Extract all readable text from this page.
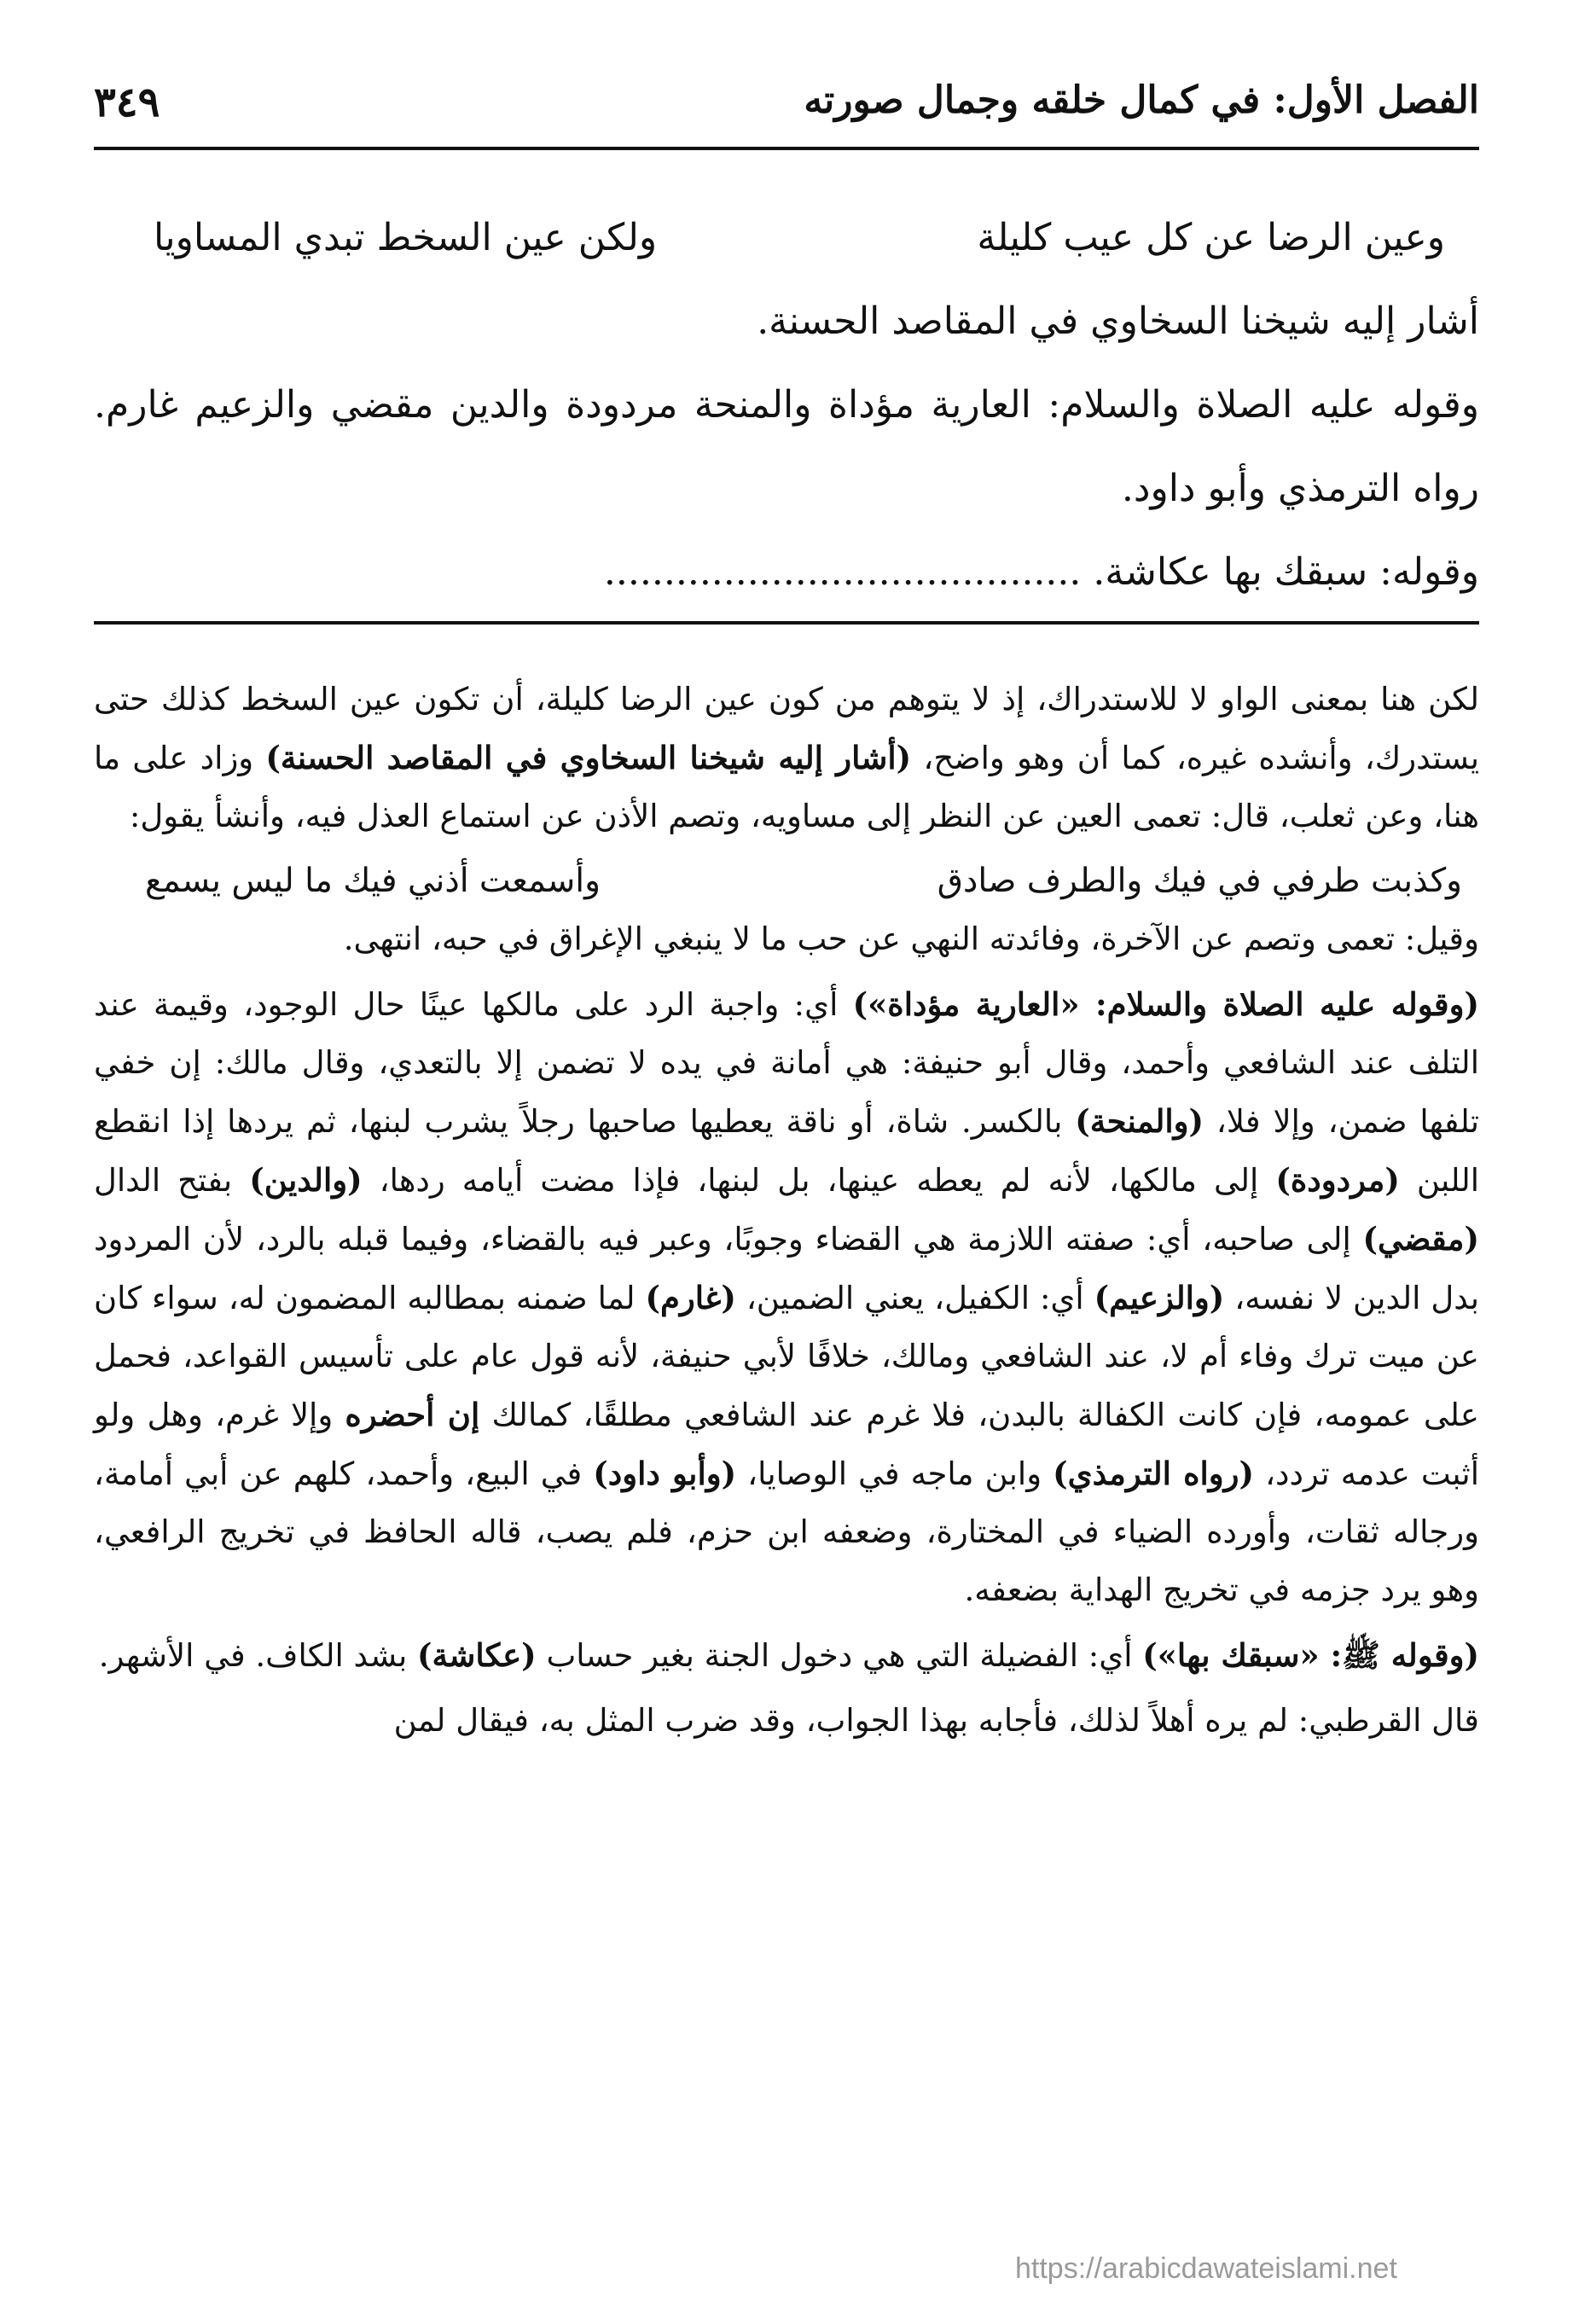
الفصل الأول: في كمال خلقه وجمال صورته
٣٤٩
وعين الرضا عن كل عيب كليلة
ولكن عين السخط تبدي المساويا

أشار إليه شيخنا السخاوي في المقاصد الحسنة.

وقوله عليه الصلاة والسلام: العارية مؤداة والمنحة مردودة والدين مقضي والزعيم غارم. رواه الترمذي وأبو داود.

وقوله: سبقك بها عكاشة. ........................................

لكن هنا بمعنى الواو لا للاستدراك، إذ لا يتوهم من كون عين الرضا كليلة، أن تكون عين السخط كذلك حتى يستدرك، وأنشده غيره، كما أن وهو واضح، (أشار إليه شيخنا السخاوي في المقاصد الحسنة) وزاد على ما هنا، وعن ثعلب، قال: تعمى العين عن النظر إلى مساويه، وتصم الأذن عن استماع العذل فيه، وأنشأ يقول:

وكذبت طرفي في فيك والطرف صادق
وأسمعت أذني فيك ما ليس يسمع

وقيل: تعمى وتصم عن الآخرة، وفائدته النهي عن حب ما لا ينبغي الإغراق في حبه، انتهى.

(وقوله عليه الصلاة والسلام: «العارية مؤداة») أي: واجبة الرد على مالكها عينًا حال الوجود، وقيمة عند التلف عند الشافعي وأحمد، وقال أبو حنيفة: هي أمانة في يده لا تضمن إلا بالتعدي، وقال مالك: إن خفي تلفها ضمن، وإلا فلا، (والمنحة) بالكسر. شاة، أو ناقة يعطيها صاحبها رجلاً يشرب لبنها، ثم يردها إذا انقطع اللبن (مردودة) إلى مالكها، لأنه لم يعطه عينها، بل لبنها، فإذا مضت أيامه ردها، (والدين) بفتح الدال (مقضي) إلى صاحبه، أي: صفته اللازمة هي القضاء وجوبًا، وعبر فيه بالقضاء، وفيما قبله بالرد، لأن المردود بدل الدين لا نفسه، (والزعيم) أي: الكفيل، يعني الضمين، (غارم) لما ضمنه بمطالبه المضمون له، سواء كان عن ميت ترك وفاء أم لا، عند الشافعي ومالك، خلافًا لأبي حنيفة، لأنه قول عام على تأسيس القواعد، فحمل على عمومه، فإن كانت الكفالة بالبدن، فلا غرم عند الشافعي مطلقًا، كمالك إن أحضره وإلا غرم، وهل ولو أثبت عدمه تردد، (رواه الترمذي) وابن ماجه في الوصايا، (وأبو داود) في البيع، وأحمد، كلهم عن أبي أمامة، ورجاله ثقات، وأورده الضياء في المختارة، وضعفه ابن حزم، فلم يصب، قاله الحافظ في تخريج الرافعي، وهو يرد جزمه في تخريج الهداية بضعفه.

(وقوله ﷺ: «سبقك بها») أي: الفضيلة التي هي دخول الجنة بغير حساب (عكاشة) بشد الكاف. في الأشهر.

قال القرطبي: لم يره أهلاً لذلك، فأجابه بهذا الجواب، وقد ضرب المثل به، فيقال لمن

https://arabicdawateislami.net
